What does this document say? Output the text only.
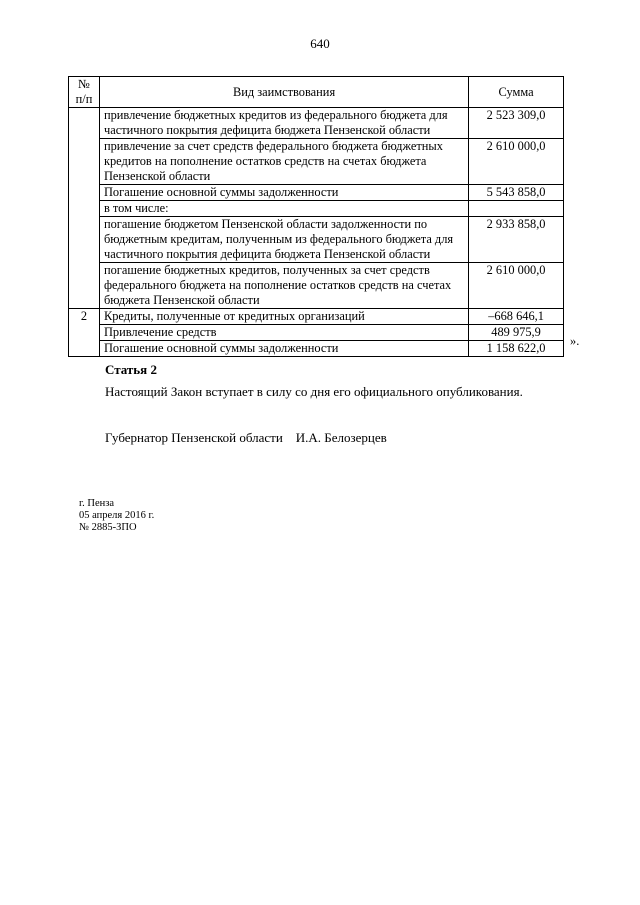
640
№ п/п	Вид заимствования	Сумма
	привлечение бюджетных кредитов из федерального бюджета для частичного покрытия дефицита бюджета Пензенской области	2 523 309,0
	привлечение за счет средств федерального бюджета бюджетных кредитов на пополнение остатков средств на счетах бюджета Пензенской области	2 610 000,0
	Погашение основной суммы задолженности	5 543 858,0
	в том числе:	
	погашение бюджетом Пензенской области задолженности по бюджетным кредитам, полученным из федерального бюджета для частичного покрытия дефицита бюджета Пензенской области	2 933 858,0
	погашение бюджетных кредитов, полученных за счет средств федерального бюджета на пополнение остатков средств на счетах бюджета Пензенской области	2 610 000,0
2	Кредиты, полученные от кредитных организаций	–668 646,1
	Привлечение средств	489 975,9
	Погашение основной суммы задолженности	1 158 622,0 ».
Статья 2
Настоящий Закон вступает в силу со дня его официального опубликования.
Губернатор Пензенской области И.А. Белозерцев
г. Пенза
05 апреля 2016 г.
№ 2885-ЗПО
